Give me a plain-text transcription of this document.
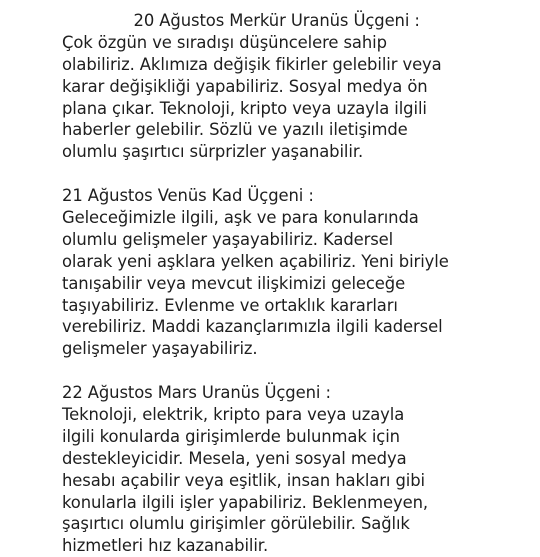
20 Ağustos Merkür Uranüs Üçgeni :
Çok özgün ve sıradışı düşüncelere sahip
olabiliriz. Aklımıza değişik fikirler gelebilir veya
karar değişikliği yapabiliriz. Sosyal medya ön
plana çıkar. Teknoloji, kripto veya uzayla ilgili
haberler gelebilir. Sözlü ve yazılı iletişimde
olumlu şaşırtıcı sürprizler yaşanabilir.
21 Ağustos Venüs Kad Üçgeni :
Geleceğimizle ilgili, aşk ve para konularında
olumlu gelişmeler yaşayabiliriz. Kadersel
olarak yeni aşklara yelken açabiliriz. Yeni biriyle
tanışabilir veya mevcut ilişkimizi geleceğe
taşıyabiliriz. Evlenme ve ortaklık kararları
verebiliriz. Maddi kazançlarımızla ilgili kadersel
gelişmeler yaşayabiliriz.
22 Ağustos Mars Uranüs Üçgeni :
Teknoloji, elektrik, kripto para veya uzayla
ilgili konularda girişimlerde bulunmak için
destekleyicidir. Mesela, yeni sosyal medya
hesabı açabilir veya eşitlik, insan hakları gibi
konularla ilgili işler yapabiliriz. Beklenmeyen,
şaşırtıcı olumlu girişimler görülebilir. Sağlık
hizmetleri hız kazanabilir.
